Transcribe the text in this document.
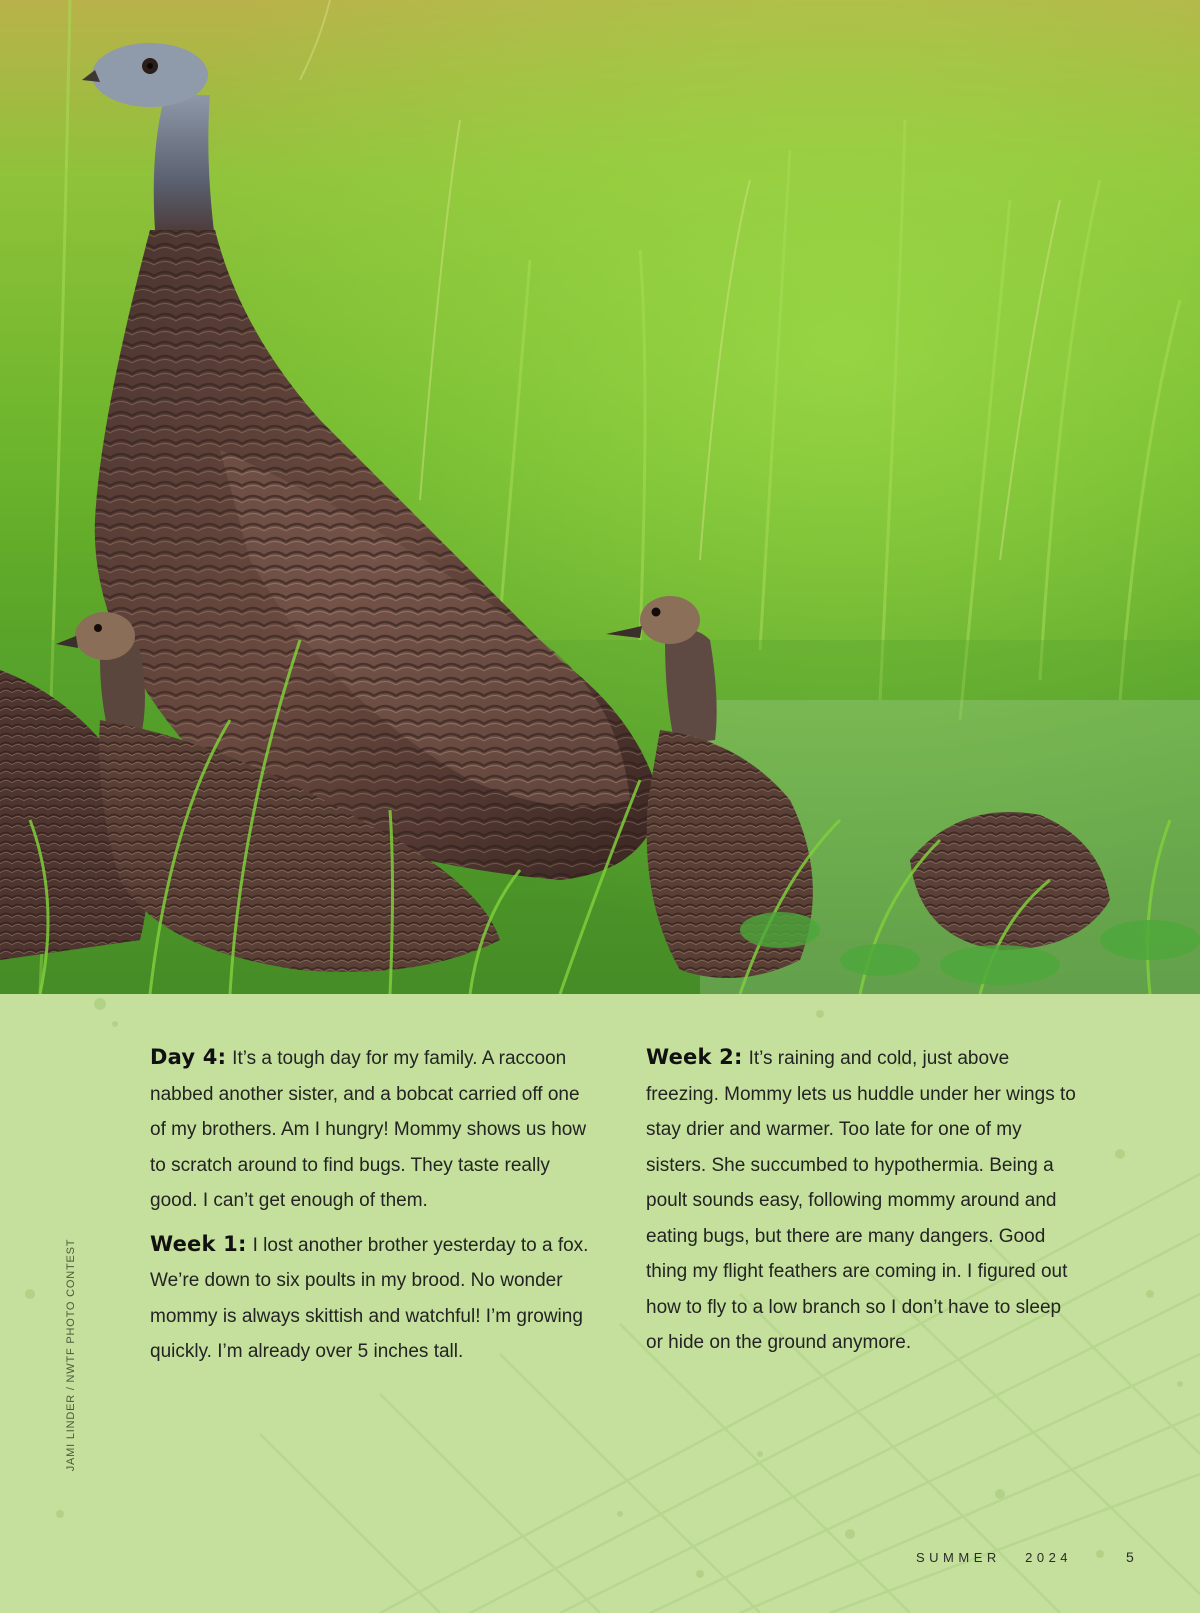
Day 4: It’s a tough day for my family. A raccoon nabbed another sister, and a bobcat carried off one of my brothers. Am I hungry! Mommy shows us how to scratch around to find bugs. They taste really good. I can’t get enough of them.

Week 1: I lost another brother yesterday to a fox. We’re down to six poults in my brood. No wonder mommy is always skittish and watchful! I’m growing quickly. I’m already over 5 inches tall.

Week 2: It’s raining and cold, just above freezing. Mommy lets us huddle under her wings to stay drier and warmer. Too late for one of my sisters. She succumbed to hypothermia. Being a poult sounds easy, following mommy around and eating bugs, but there are many dangers. Good thing my flight feathers are coming in. I figured out how to fly to a low branch so I don’t have to sleep or hide on the ground anymore.

JAMI LINDER / NWTF PHOTO CONTEST
SUMMER   2024	5
